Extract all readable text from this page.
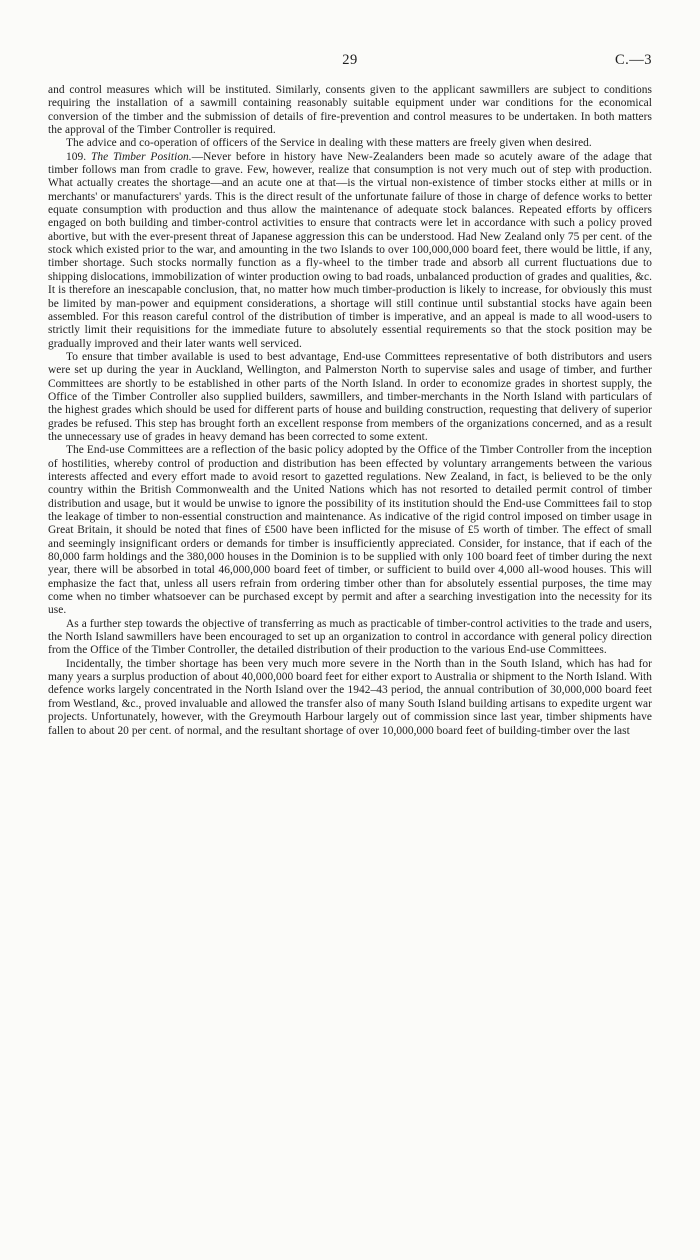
29	C.—3

and control measures which will be instituted. Similarly, consents given to the applicant sawmillers are subject to conditions requiring the installation of a sawmill containing reasonably suitable equipment under war conditions for the economical conversion of the timber and the submission of details of fire-prevention and control measures to be undertaken. In both matters the approval of the Timber Controller is required.

The advice and co-operation of officers of the Service in dealing with these matters are freely given when desired.

109. The Timber Position.—Never before in history have New-Zealanders been made so acutely aware of the adage that timber follows man from cradle to grave. Few, however, realize that consumption is not very much out of step with production. What actually creates the shortage—and an acute one at that—is the virtual non-existence of timber stocks either at mills or in merchants' or manufacturers' yards. This is the direct result of the unfortunate failure of those in charge of defence works to better equate consumption with production and thus allow the maintenance of adequate stock balances. Repeated efforts by officers engaged on both building and timber-control activities to ensure that contracts were let in accordance with such a policy proved abortive, but with the ever-present threat of Japanese aggression this can be understood. Had New Zealand only 75 per cent. of the stock which existed prior to the war, and amounting in the two Islands to over 100,000,000 board feet, there would be little, if any, timber shortage. Such stocks normally function as a fly-wheel to the timber trade and absorb all current fluctuations due to shipping dislocations, immobilization of winter production owing to bad roads, unbalanced production of grades and qualities, &c. It is therefore an inescapable conclusion, that, no matter how much timber-production is likely to increase, for obviously this must be limited by man-power and equipment considerations, a shortage will still continue until substantial stocks have again been assembled. For this reason careful control of the distribution of timber is imperative, and an appeal is made to all wood-users to strictly limit their requisitions for the immediate future to absolutely essential requirements so that the stock position may be gradually improved and their later wants well serviced.

To ensure that timber available is used to best advantage, End-use Committees representative of both distributors and users were set up during the year in Auckland, Wellington, and Palmerston North to supervise sales and usage of timber, and further Committees are shortly to be established in other parts of the North Island. In order to economize grades in shortest supply, the Office of the Timber Controller also supplied builders, sawmillers, and timber-merchants in the North Island with particulars of the highest grades which should be used for different parts of house and building construction, requesting that delivery of superior grades be refused. This step has brought forth an excellent response from members of the organizations concerned, and as a result the unnecessary use of grades in heavy demand has been corrected to some extent.

The End-use Committees are a reflection of the basic policy adopted by the Office of the Timber Controller from the inception of hostilities, whereby control of production and distribution has been effected by voluntary arrangements between the various interests affected and every effort made to avoid resort to gazetted regulations. New Zealand, in fact, is believed to be the only country within the British Commonwealth and the United Nations which has not resorted to detailed permit control of timber distribution and usage, but it would be unwise to ignore the possibility of its institution should the End-use Committees fail to stop the leakage of timber to non-essential construction and maintenance. As indicative of the rigid control imposed on timber usage in Great Britain, it should be noted that fines of £500 have been inflicted for the misuse of £5 worth of timber. The effect of small and seemingly insignificant orders or demands for timber is insufficiently appreciated. Consider, for instance, that if each of the 80,000 farm holdings and the 380,000 houses in the Dominion is to be supplied with only 100 board feet of timber during the next year, there will be absorbed in total 46,000,000 board feet of timber, or sufficient to build over 4,000 all-wood houses. This will emphasize the fact that, unless all users refrain from ordering timber other than for absolutely essential purposes, the time may come when no timber whatsoever can be purchased except by permit and after a searching investigation into the necessity for its use.

As a further step towards the objective of transferring as much as practicable of timber-control activities to the trade and users, the North Island sawmillers have been encouraged to set up an organization to control in accordance with general policy direction from the Office of the Timber Controller, the detailed distribution of their production to the various End-use Committees.

Incidentally, the timber shortage has been very much more severe in the North than in the South Island, which has had for many years a surplus production of about 40,000,000 board feet for either export to Australia or shipment to the North Island. With defence works largely concentrated in the North Island over the 1942–43 period, the annual contribution of 30,000,000 board feet from Westland, &c., proved invaluable and allowed the transfer also of many South Island building artisans to expedite urgent war projects. Unfortunately, however, with the Greymouth Harbour largely out of commission since last year, timber shipments have fallen to about 20 per cent. of normal, and the resultant shortage of over 10,000,000 board feet of building-timber over the last
